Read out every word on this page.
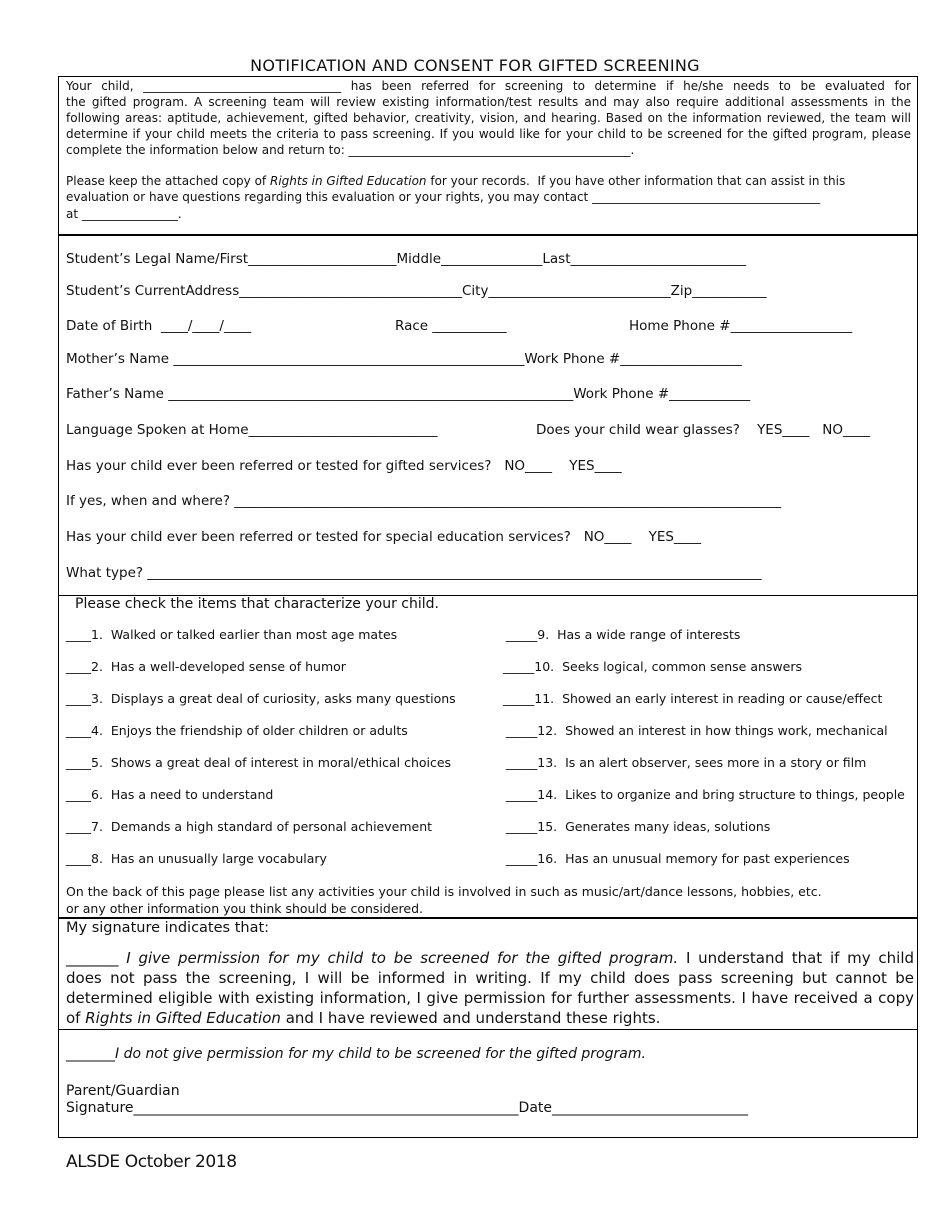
NOTIFICATION AND CONSENT FOR GIFTED SCREENING

Your child, _________________________________ has been referred for screening to determine if he/she needs to be evaluated for

the gifted program. A screening team will review existing information/test results and may also require additional assessments in the

following areas: aptitude, achievement, gifted behavior, creativity, vision, and hearing. Based on the information reviewed, the team will

determine if your child meets the criteria to pass screening. If you would like for your child to be screened for the gifted program, please

complete the information below and return to: _______________________________________________.

Please keep the attached copy of Rights in Gifted Education for your records.  If you have other information that can assist in this

evaluation or have questions regarding this evaluation or your rights, you may contact ______________________________________

at ________________.

Student’s Legal Name/First______________________Middle_______________Last__________________________

Student’s CurrentAddress_________________________________City___________________________Zip___________

Date of Birth  ____/____/____	Race ___________	Home Phone #__________________

Mother’s Name ____________________________________________________Work Phone #__________________

Father’s Name ____________________________________________________________Work Phone #____________

Language Spoken at Home____________________________	Does your child wear glasses?    YES____   NO____

Has your child ever been referred or tested for gifted services?   NO____    YES____

If yes, when and where? _________________________________________________________________________________

Has your child ever been referred or tested for special education services?   NO____    YES____

What type? ___________________________________________________________________________________________

Please check the items that characterize your child.

____1.  Walked or talked earlier than most age mates

____2.  Has a well-developed sense of humor

____3.  Displays a great deal of curiosity, asks many questions

____4.  Enjoys the friendship of older children or adults

____5.  Shows a great deal of interest in moral/ethical choices

____6.  Has a need to understand

____7.  Demands a high standard of personal achievement

____8.  Has an unusually large vocabulary

_____9.  Has a wide range of interests

_____10.  Seeks logical, common sense answers

_____11.  Showed an early interest in reading or cause/effect

_____12.  Showed an interest in how things work, mechanical

_____13.  Is an alert observer, sees more in a story or film

_____14.  Likes to organize and bring structure to things, people

_____15.  Generates many ideas, solutions

_____16.  Has an unusual memory for past experiences

On the back of this page please list any activities your child is involved in such as music/art/dance lessons, hobbies, etc.

or any other information you think should be considered.

My signature indicates that:

_______ I give permission for my child to be screened for the gifted program. I understand that if my child

does not pass the screening, I will be informed in writing. If my child does pass screening but cannot be

determined eligible with existing information, I give permission for further assessments. I have received a copy

of Rights in Gifted Education and I have reviewed and understand these rights.

_______I do not give permission for my child to be screened for the gifted program.

Parent/Guardian

Signature_______________________________________________________Date____________________________

ALSDE October 2018
